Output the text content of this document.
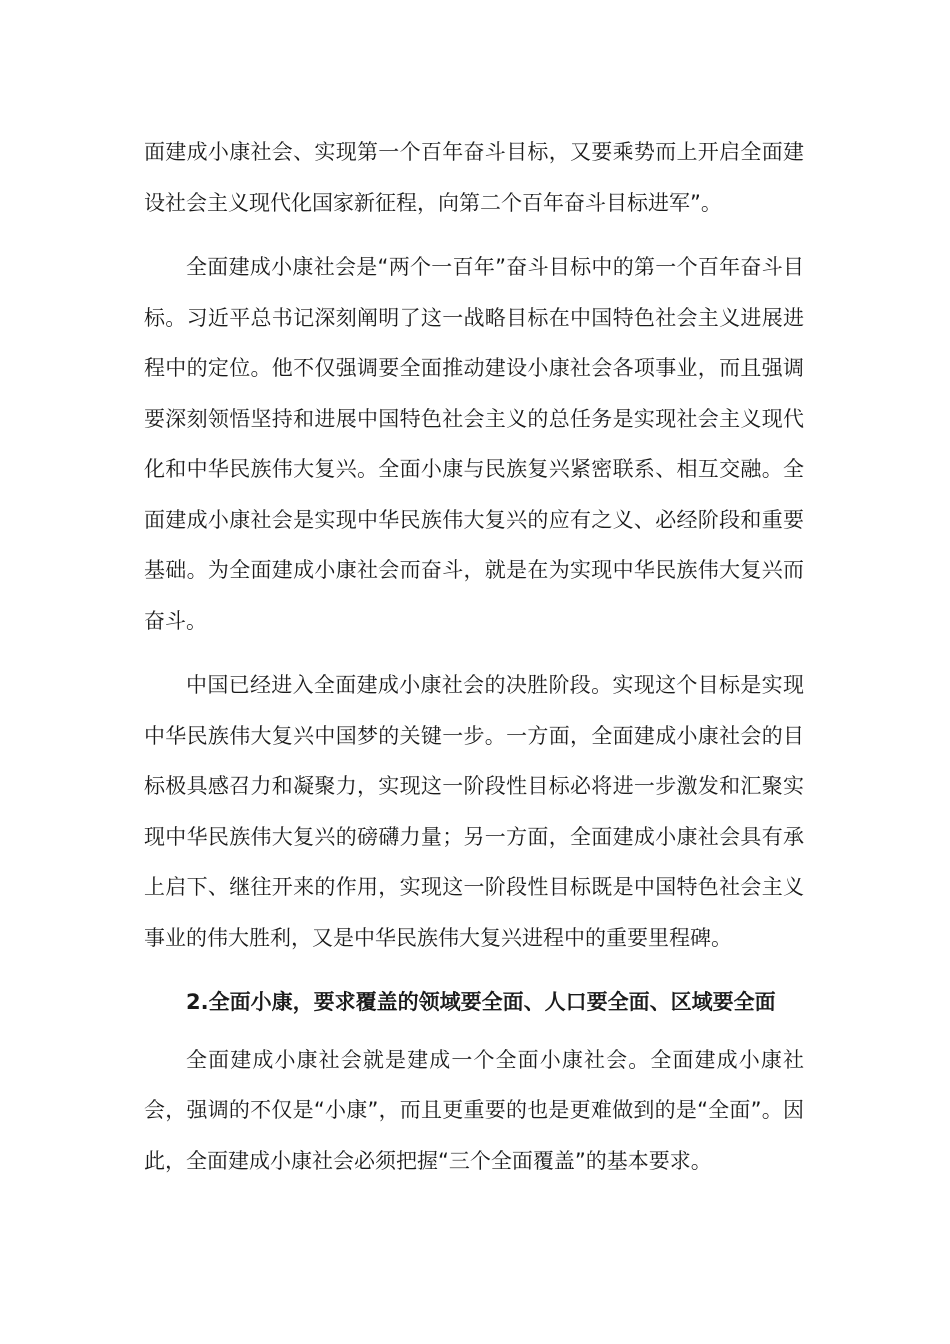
面建成小康社会、实现第一个百年奋斗目标，又要乘势而上开启全面建设社会主义现代化国家新征程，向第二个百年奋斗目标进军”。

全面建成小康社会是“两个一百年”奋斗目标中的第一个百年奋斗目标。习近平总书记深刻阐明了这一战略目标在中国特色社会主义进展进程中的定位。他不仅强调要全面推动建设小康社会各项事业，而且强调要深刻领悟坚持和进展中国特色社会主义的总任务是实现社会主义现代化和中华民族伟大复兴。全面小康与民族复兴紧密联系、相互交融。全面建成小康社会是实现中华民族伟大复兴的应有之义、必经阶段和重要基础。为全面建成小康社会而奋斗，就是在为实现中华民族伟大复兴而奋斗。

中国已经进入全面建成小康社会的决胜阶段。实现这个目标是实现中华民族伟大复兴中国梦的关键一步。一方面，全面建成小康社会的目标极具感召力和凝聚力，实现这一阶段性目标必将进一步激发和汇聚实现中华民族伟大复兴的磅礴力量；另一方面，全面建成小康社会具有承上启下、继往开来的作用，实现这一阶段性目标既是中国特色社会主义事业的伟大胜利，又是中华民族伟大复兴进程中的重要里程碑。

2.全面小康，要求覆盖的领域要全面、人口要全面、区域要全面

全面建成小康社会就是建成一个全面小康社会。全面建成小康社会，强调的不仅是“小康”，而且更重要的也是更难做到的是“全面”。因此，全面建成小康社会必须把握“三个全面覆盖”的基本要求。
